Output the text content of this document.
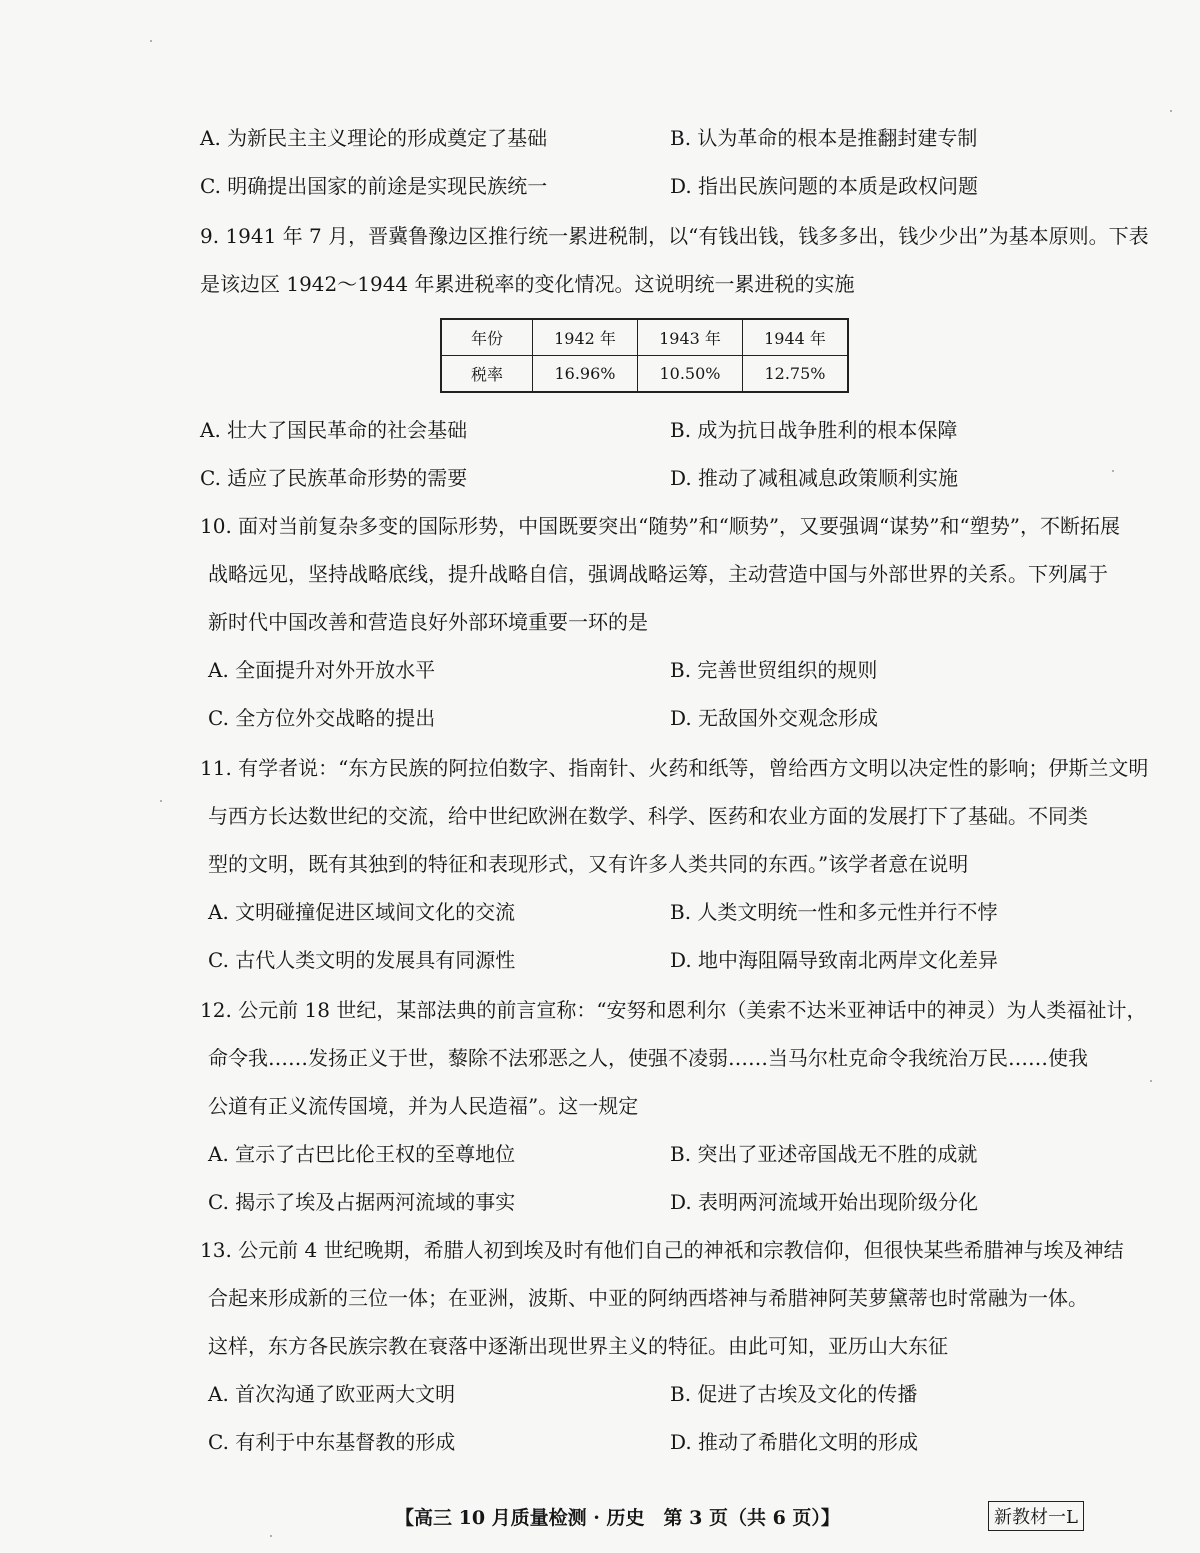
A. 为新民主主义理论的形成奠定了基础	B. 认为革命的根本是推翻封建专制
C. 明确提出国家的前途是实现民族统一	D. 指出民族问题的本质是政权问题
9. 1941 年 7 月，晋冀鲁豫边区推行统一累进税制，以“有钱出钱，钱多多出，钱少少出”为基本原则。下表
是该边区 1942～1944 年累进税率的变化情况。这说明统一累进税的实施
年份	1942 年	1943 年	1944 年
税率	16.96%	10.50%	12.75%
A. 壮大了国民革命的社会基础	B. 成为抗日战争胜利的根本保障
C. 适应了民族革命形势的需要	D. 推动了减租减息政策顺利实施
10. 面对当前复杂多变的国际形势，中国既要突出“随势”和“顺势”，又要强调“谋势”和“塑势”，不断拓展
战略远见，坚持战略底线，提升战略自信，强调战略运筹，主动营造中国与外部世界的关系。下列属于
新时代中国改善和营造良好外部环境重要一环的是
A. 全面提升对外开放水平	B. 完善世贸组织的规则
C. 全方位外交战略的提出	D. 无敌国外交观念形成
11. 有学者说：“东方民族的阿拉伯数字、指南针、火药和纸等，曾给西方文明以决定性的影响；伊斯兰文明
与西方长达数世纪的交流，给中世纪欧洲在数学、科学、医药和农业方面的发展打下了基础。不同类
型的文明，既有其独到的特征和表现形式，又有许多人类共同的东西。”该学者意在说明
A. 文明碰撞促进区域间文化的交流	B. 人类文明统一性和多元性并行不悖
C. 古代人类文明的发展具有同源性	D. 地中海阻隔导致南北两岸文化差异
12. 公元前 18 世纪，某部法典的前言宣称：“安努和恩利尔（美索不达米亚神话中的神灵）为人类福祉计，
命令我……发扬正义于世，藜除不法邪恶之人，使强不凌弱……当马尔杜克命令我统治万民……使我
公道有正义流传国境，并为人民造福”。这一规定
A. 宣示了古巴比伦王权的至尊地位	B. 突出了亚述帝国战无不胜的成就
C. 揭示了埃及占据两河流域的事实	D. 表明两河流域开始出现阶级分化
13. 公元前 4 世纪晚期，希腊人初到埃及时有他们自己的神祇和宗教信仰，但很快某些希腊神与埃及神结
合起来形成新的三位一体；在亚洲，波斯、中亚的阿纳西塔神与希腊神阿芙萝黛蒂也时常融为一体。
这样，东方各民族宗教在衰落中逐渐出现世界主义的特征。由此可知，亚历山大东征
A. 首次沟通了欧亚两大文明	B. 促进了古埃及文化的传播
C. 有利于中东基督教的形成	D. 推动了希腊化文明的形成
【高三 10 月质量检测 · 历史　第 3 页（共 6 页）】	新教材一L
